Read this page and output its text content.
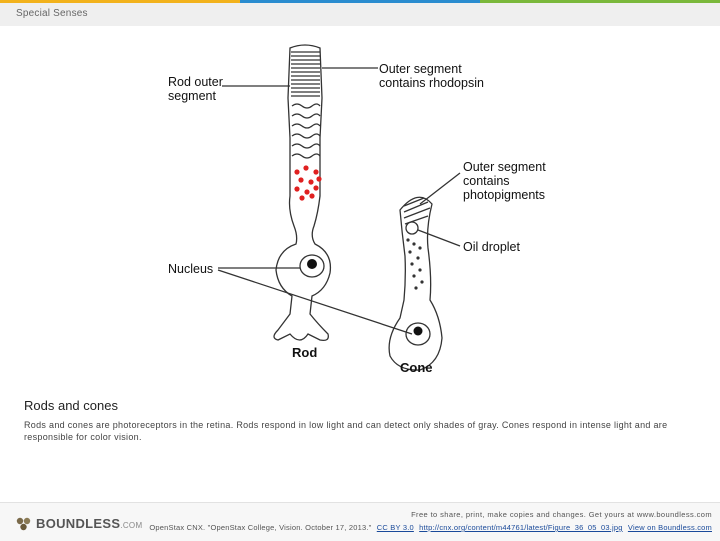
Special Senses
Rod outer
segment
Outer segment
contains rhodopsin
Outer segment
contains
photopigments
Oil droplet
Nucleus
Rod
Cone
Rods and cones
Rods and cones are photoreceptors in the retina. Rods respond in low light and can detect only shades of gray. Cones respond in intense light and are responsible for color vision.
BOUNDLESS.COM
Free to share, print, make copies and changes. Get yours at www.boundless.com
OpenStax CNX. "OpenStax College, Vision. October 17, 2013." CC BY 3.0 http://cnx.org/content/m44761/latest/Figure_36_05_03.jpg View on Boundless.com
